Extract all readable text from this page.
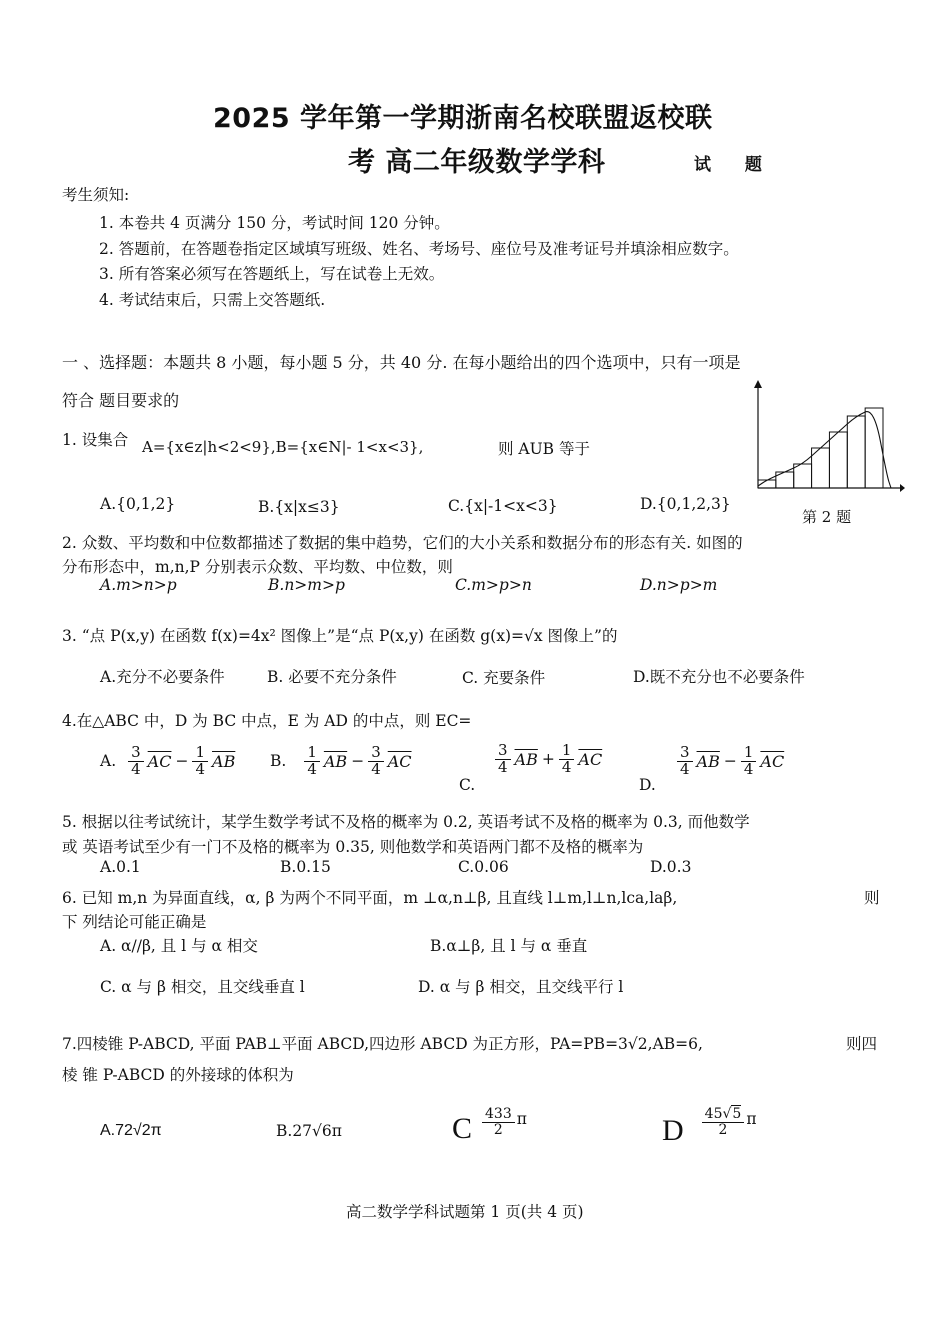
2025 学年第一学期浙南名校联盟返校联
考 高二年级数学学科	试 题
考生须知:
1. 本卷共 4 页满分 150 分，考试时间 120 分钟。
2. 答题前，在答题卷指定区域填写班级、姓名、考场号、座位号及准考证号并填涂相应数字。
3. 所有答案必须写在答题纸上，写在试卷上无效。
4. 考试结束后，只需上交答题纸.
一 、选择题：本题共 8 小题，每小题 5 分，共 40 分. 在每小题给出的四个选项中，只有一项是
符合 题目要求的
第 2 题
1. 设集合 A={x∈z|h<2<9},B={x∈N|- 1<x<3},	则 AUB 等于
A.{0,1,2}	B.{x|x≤3}	C.{x|-1<x<3}	D.{0,1,2,3}
2. 众数、平均数和中位数都描述了数据的集中趋势，它们的大小关系和数据分布的形态有关. 如图的
分布形态中，m,n,P 分别表示众数、平均数、中位数，则
A.m>n>p	B.n>m>p	C.m>p>n	D.n>p>m
3. “点 P(x,y) 在函数 f(x)=4x² 图像上”是“点 P(x,y) 在函数 g(x)=√x 图像上”的
A.充分不必要条件	B. 必要不充分条件	C. 充要条件	D.既不充分也不必要条件
4.在△ABC 中，D 为 BC 中点，E 为 AD 的中点，则 EC=
A. $\frac{3}{4} \overline{AC} - \frac{1}{4} \overline{AB}$ B. $\frac{1}{4} \overline{AB} - \frac{3}{4} \overline{AC}$
C.
$\frac{3}{4} \overline{AB} + \frac{1}{4} \overline{AC}$
D.
$\frac{3}{4} \overline{AB} - \frac{1}{4} \overline{AC}$
5. 根据以往考试统计，某学生数学考试不及格的概率为 0.2, 英语考试不及格的概率为 0.3, 而他数学
或 英语考试至少有一门不及格的概率为 0.35, 则他数学和英语两门都不及格的概率为
A.0.1	B.0.15	C.0.06	D.0.3
6. 已知 m,n 为异面直线，α, β 为两个不同平面，m ⊥α,n⊥β, 且直线 l⊥m,l⊥n,lca,laβ,	则
下 列结论可能正确是
A. α//β, 且 l 与 α 相交	B.α⊥β, 且 l 与 α 垂直
C. α 与 β 相交，且交线垂直 l	D. α 与 β 相交，且交线平行 l
7.四棱锥 P-ABCD, 平面 PAB⊥平面 ABCD,四边形 ABCD 为正方形，PA=PB=3√2,AB=6,	则四
棱 锥 P-ABCD 的外接球的体积为
A.72√2π	B.27√6π	C $\frac{433}{2}$ π	D $\frac{45√5}{2}$ π
高二数学学科试题第 1 页(共 4 页)
